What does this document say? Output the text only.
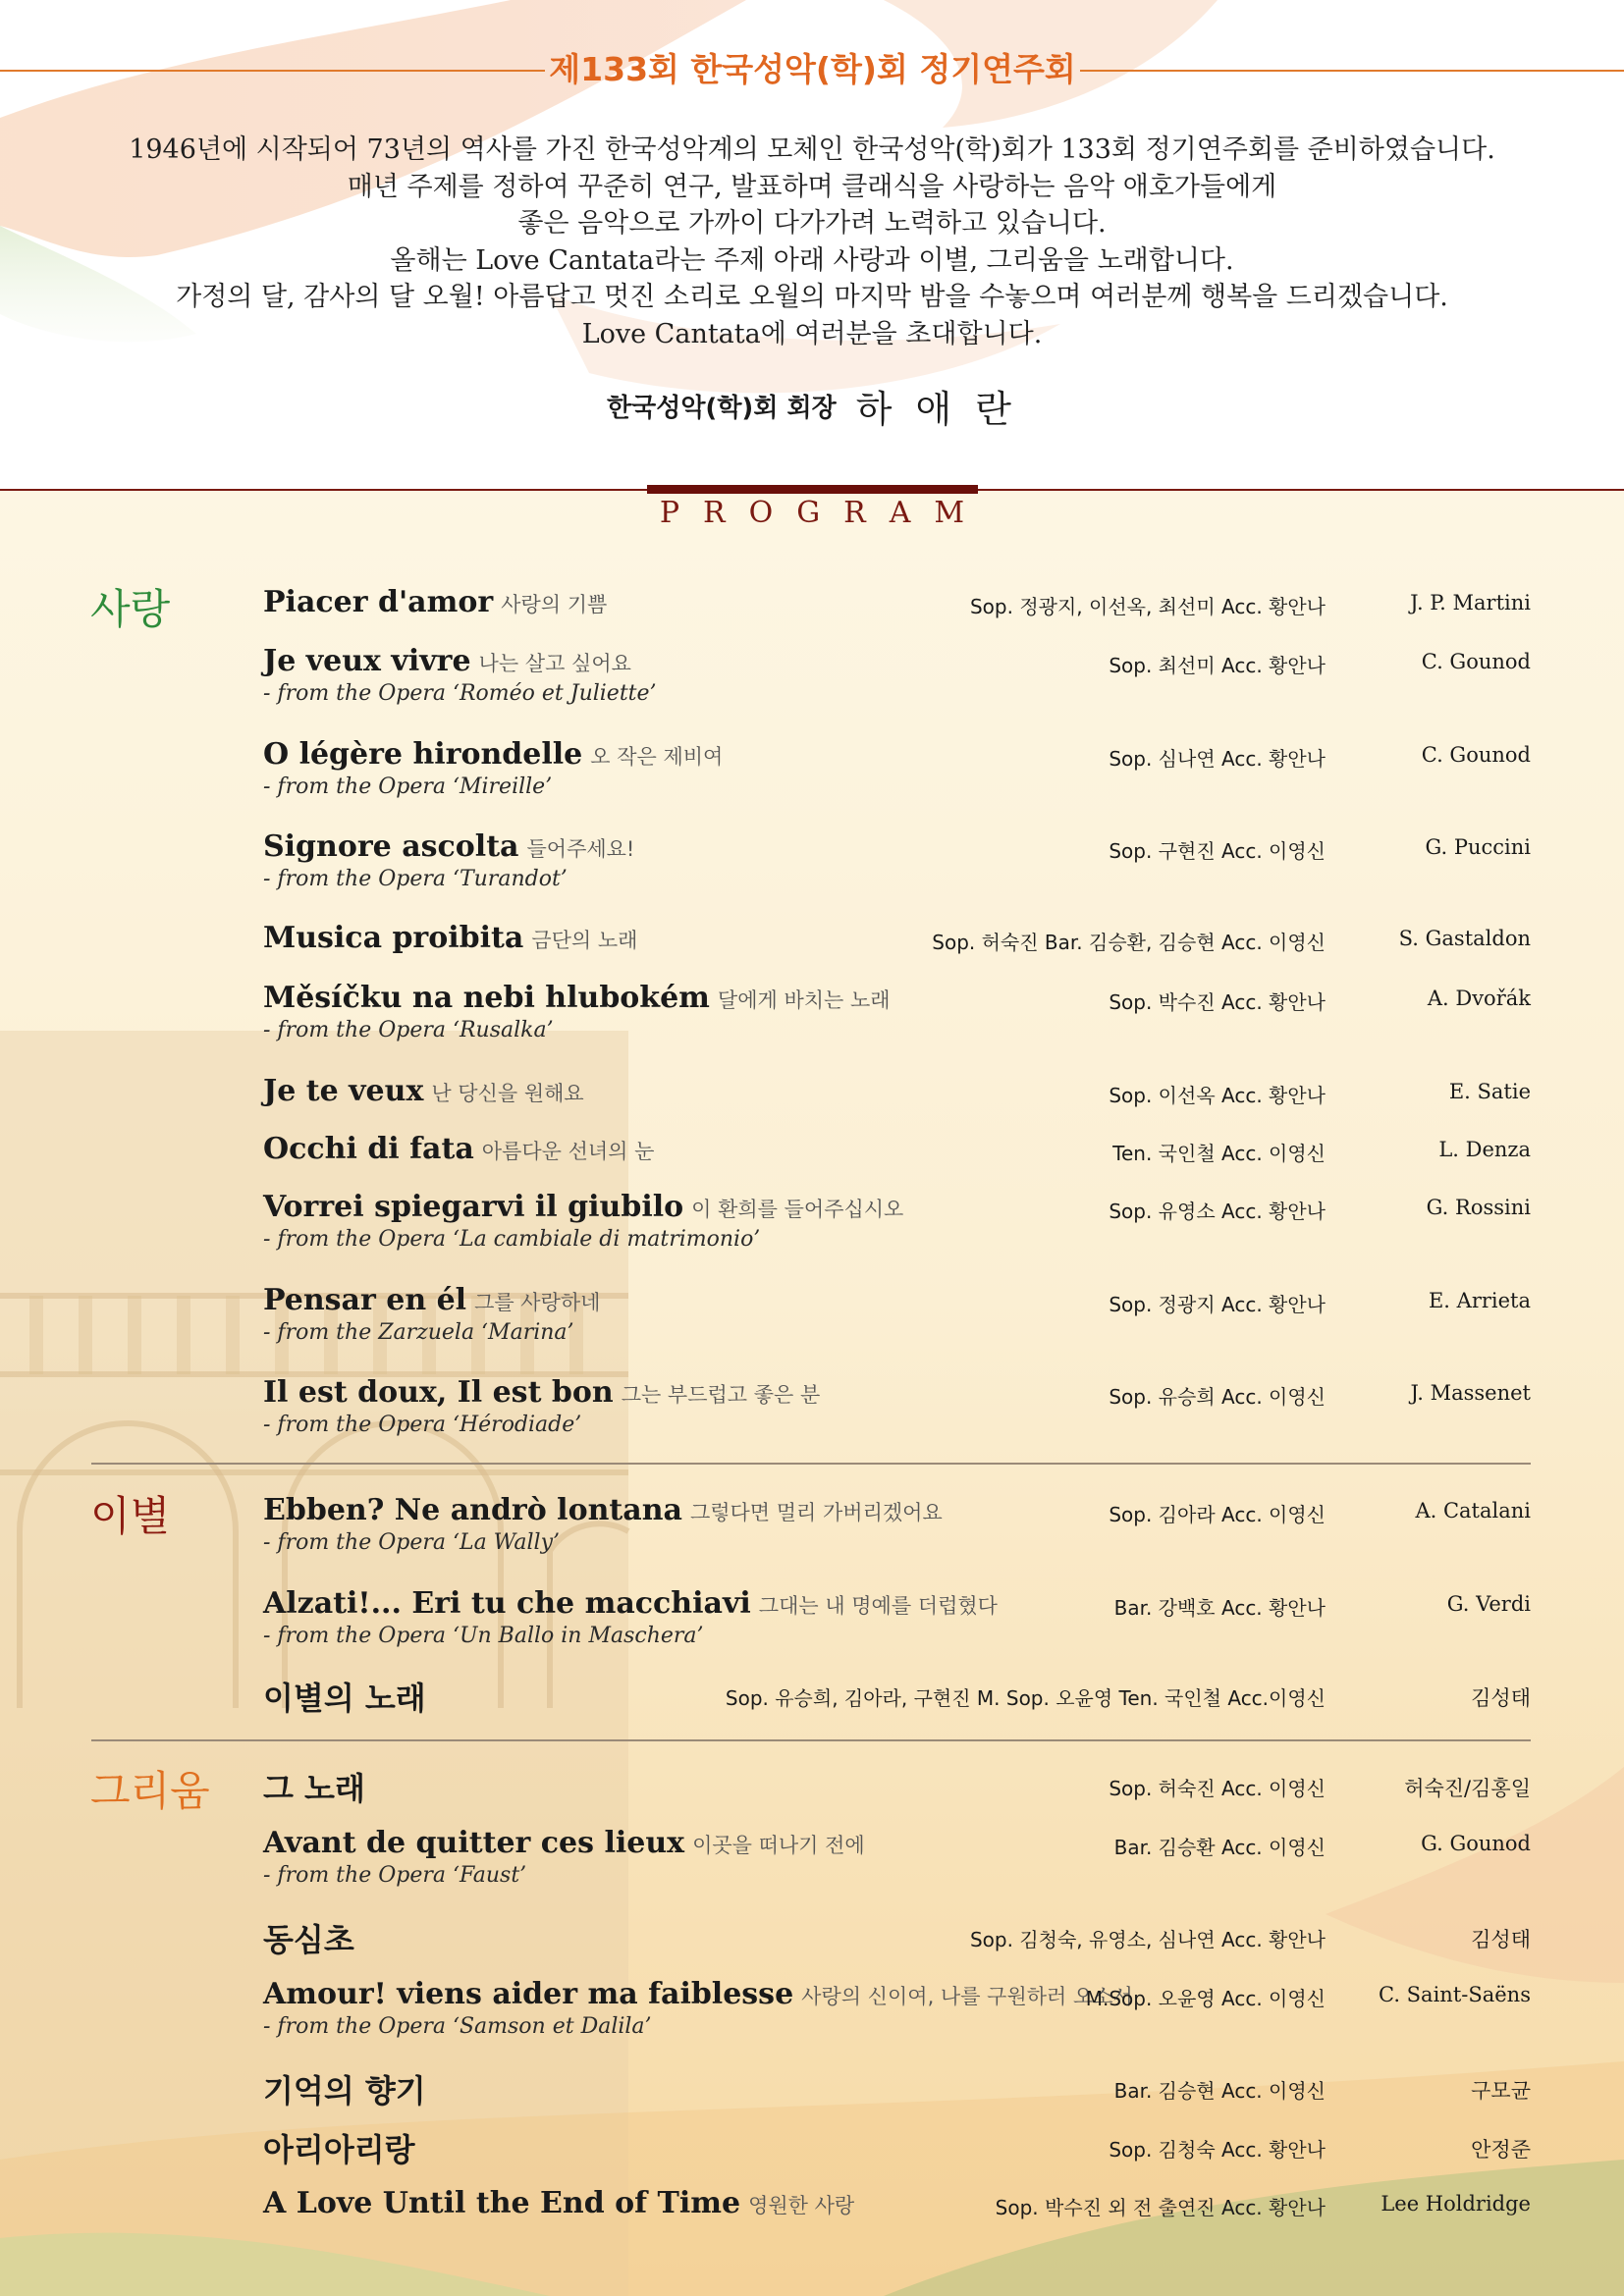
제133회 한국성악(학)회 정기연주회
1946년에 시작되어 73년의 역사를 가진 한국성악계의 모체인 한국성악(학)회가 133회 정기연주회를 준비하였습니다.
매년 주제를 정하여 꾸준히 연구, 발표하며 클래식을 사랑하는 음악 애호가들에게
좋은 음악으로 가까이 다가가려 노력하고 있습니다.
올해는 Love Cantata라는 주제 아래 사랑과 이별, 그리움을 노래합니다.
가정의 달, 감사의 달 오월! 아름답고 멋진 소리로 오월의 마지막 밤을 수놓으며 여러분께 행복을 드리겠습니다.
Love Cantata에 여러분을 초대합니다.
한국성악(학)회 회장 하 애 란
PROGRAM
사랑	Piacer d'amor 사랑의 기쁨	Sop. 정광지, 이선옥, 최선미 Acc. 황안나	J. P. Martini
Je veux vivre 나는 살고 싶어요
- from the Opera ‘Roméo et Juliette’
Sop. 최선미 Acc. 황안나	C. Gounod
O légère hirondelle 오 작은 제비여
- from the Opera ‘Mireille’
Sop. 심나연 Acc. 황안나	C. Gounod
Signore ascolta 들어주세요!
- from the Opera ‘Turandot’
Sop. 구현진 Acc. 이영신	G. Puccini
Musica proibita 금단의 노래	Sop. 허숙진 Bar. 김승환, 김승현 Acc. 이영신	S. Gastaldon
Měsíčku na nebi hlubokém 달에게 바치는 노래
- from the Opera ‘Rusalka’
Sop. 박수진 Acc. 황안나	A. Dvořák
Je te veux 난 당신을 원해요	Sop. 이선옥 Acc. 황안나	E. Satie
Occhi di fata 아름다운 선녀의 눈	Ten. 국인철 Acc. 이영신	L. Denza
Vorrei spiegarvi il giubilo 이 환희를 들어주십시오
- from the Opera ‘La cambiale di matrimonio’
Sop. 유영소 Acc. 황안나	G. Rossini
Pensar en él 그를 사랑하네
- from the Zarzuela ‘Marina’
Sop. 정광지 Acc. 황안나	E. Arrieta
Il est doux, Il est bon 그는 부드럽고 좋은 분
- from the Opera ‘Hérodiade’
Sop. 유승희 Acc. 이영신	J. Massenet
이별	Ebben? Ne andrò lontana 그렇다면 멀리 가버리겠어요
- from the Opera ‘La Wally’
Sop. 김아라 Acc. 이영신	A. Catalani
Alzati!... Eri tu che macchiavi 그대는 내 명예를 더럽혔다
- from the Opera ‘Un Ballo in Maschera’
Bar. 강백호 Acc. 황안나	G. Verdi
이별의 노래	Sop. 유승희, 김아라, 구현진 M. Sop. 오윤영 Ten. 국인철 Acc.이영신	김성태
그리움 그 노래	Sop. 허숙진 Acc. 이영신	허숙진/김홍일
Avant de quitter ces lieux 이곳을 떠나기 전에
- from the Opera ‘Faust’
Bar. 김승환 Acc. 이영신	G. Gounod
동심초	Sop. 김청숙, 유영소, 심나연 Acc. 황안나	김성태
Amour! viens aider ma faiblesse 사랑의 신이여, 나를 구원하러 오소서
- from the Opera ‘Samson et Dalila’
M.Sop. 오윤영 Acc. 이영신	C. Saint-Saëns
기억의 향기	Bar. 김승현 Acc. 이영신	구모균
아리아리랑	Sop. 김청숙 Acc. 황안나	안정준
A Love Until the End of Time 영원한 사랑	Sop. 박수진 외 전 출연진 Acc. 황안나	Lee Holdridge
